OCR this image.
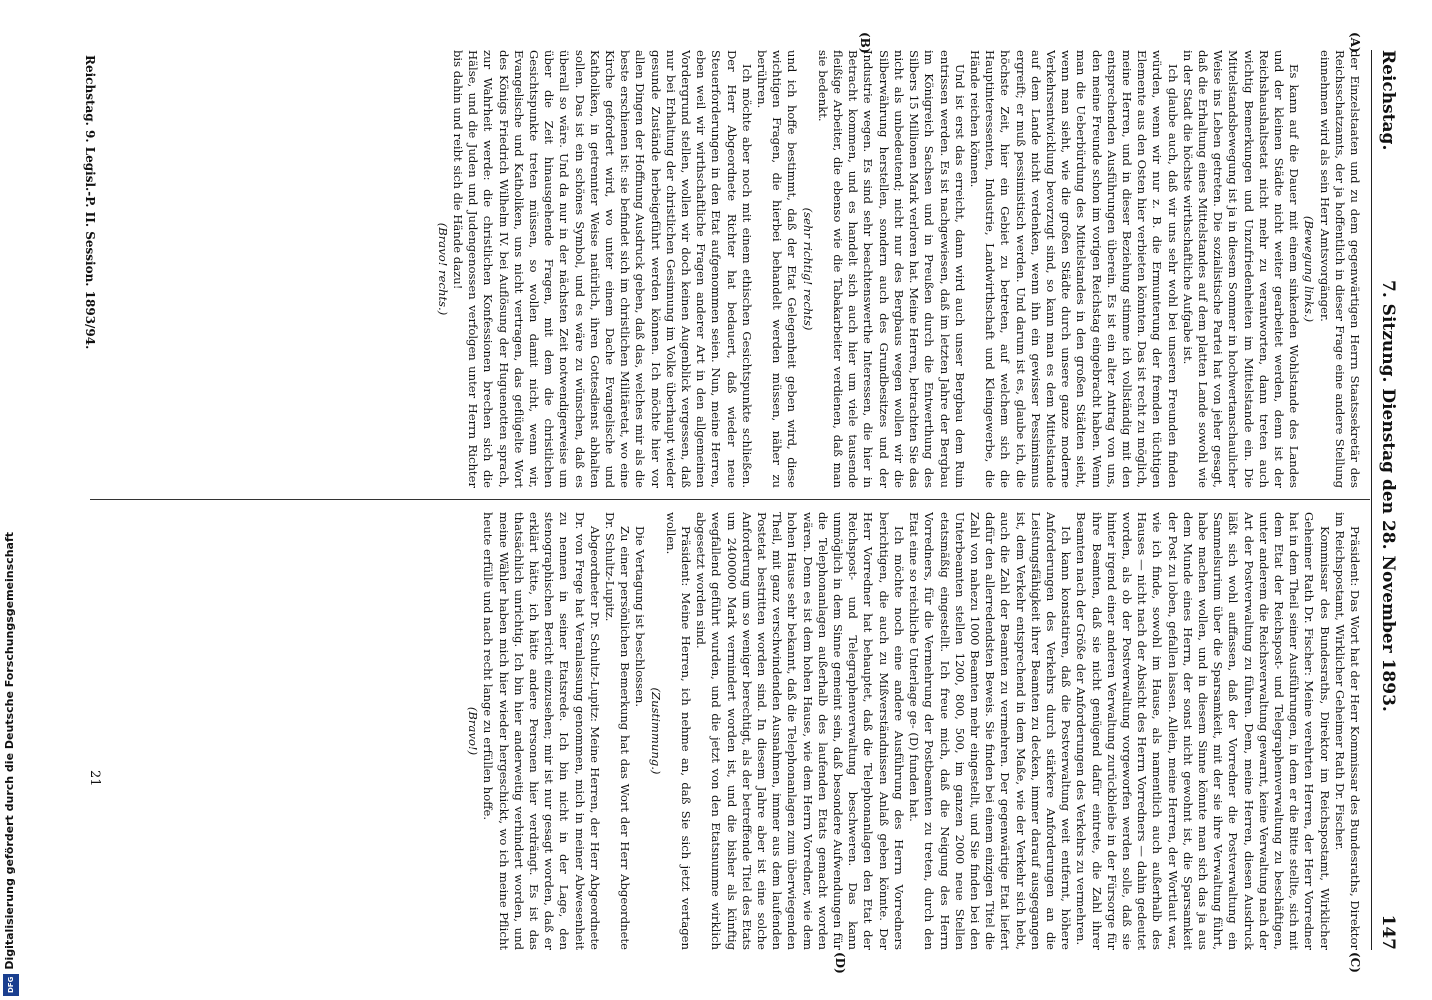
Reichstag.
7. Sitzung. Dienstag den 28. November 1893.
147
(A)
(B)
(C)
(D)

der Einzelstaaten und zu dem gegenwärtigen Herrn Staatssekretär des Reichsschatzamts, der ja hoffentlich in dieser Frage eine andere Stellung einnehmen wird als sein Herr Amtsvorgänger.

(Bewegung links.)

Es kann auf die Dauer mit einem sinkenden Wohlstande des Landes und der kleinen Städte nicht weiter gearbeitet werden, denn ist der Reichshaushaltsetat nicht mehr zu verantworten, dann treten auch wichtig Bemerkungen und Unzufriedenheiten im Mittelstande ein. Die Mittelstandsbewegung ist ja in diesem Sommer in hochwertanschaulicher Weise ins Leben getreten. Die sozialistische Partei hat von jeher gesagt, daß die Erhaltung eines Mittelstandes auf dem platten Lande sowohl wie in der Stadt die höchste wirthschaftliche Aufgabe ist.

Ich glaube auch, daß wir uns sehr wohl bei unseren Freunden finden würden, wenn wir nur z. B. die Ermunterung der fremden tüchtigen Elemente aus den Osten hier verbieten könnten. Das ist recht zu möglich, meine Herren, und in dieser Beziehung stimme ich vollständig mit den entsprechenden Ausführungen überein. Es ist ein alter Antrag von uns, den meine Freunde schon im vorigen Reichstag eingebracht haben. Wenn man die Ueberbürdung des Mittelstandes in den großen Städten sieht, wenn man sieht, wie die großen Städte durch unsere ganze moderne Verkehrsentwicklung bevorzugt sind, so kann man es dem Mittelstande auf dem Lande nicht verdenken, wenn ihn ein gewisser Pessimismus ergreift; er muß pessimistisch werden. Und darum ist es, glaube ich, die höchste Zeit, hier ein Gebiet zu betreten, auf welchem sich die Hauptinteressenten, Industrie, Landwirthschaft und Kleingewerbe, die Hände reichen können.

Und ist erst das erreicht, dann wird auch unser Bergbau dem Ruin entrissen werden. Es ist nachgewiesen, daß im letzten Jahre der Bergbau im Königreich Sachsen und in Preußen durch die Entwerthung des Silbers 15 Millionen Mark verloren hat. Meine Herren, betrachten Sie das nicht als unbedeutend; nicht nur des Bergbaus wegen wollen wir die Silberwährung herstellen, sondern auch des Grundbesitzes und der Industrie wegen. Es sind sehr beachtenswerthe Interessen, die hier in Betracht kommen, und es handelt sich auch hier um viele tausende fleißige Arbeiter, die ebenso wie die Tabakarbeiter verdienen, daß man sie bedenkt.

(sehr richtig! rechts)

und ich hoffe bestimmt, daß der Etat Gelegenheit geben wird, diese wichtigen Fragen, die hierbei behandelt werden müssen, näher zu berühren.

Ich möchte aber noch mit einem ethischen Gesichtspunkte schließen. Der Herr Abgeordnete Richter hat bedauert, daß wieder neue Steuerforderungen in den Etat aufgenommen seien. Nun, meine Herren, eben weil wir wirthschaftliche Fragen anderer Art in den allgemeinen Vordergrund stellen, wollen wir doch keinen Augenblick vergessen, daß nur bei Erhaltung der christlichen Gesinnung im Volke überhaupt wieder gesunde Zustände herbeigeführt werden können. Ich möchte hier vor allen Dingen der Hoffnung Ausdruck geben, daß das, welches mir als die beste erschienen ist: sie befindet sich im christlichen Militäretat, wo eine Kirche gefordert wird, wo unter einem Dache Evangelische und Katholiken, in getrennter Weise natürlich, ihren Gottesdienst abhalten sollen. Das ist ein schönes Symbol, und es wäre zu wünschen, daß es überall so wäre. Und da nur in der nächsten Zeit notwendigerweise um über die Zeit hinausgehende Fragen, mit dem die christlichen Gesichtspunkte treten müssen, so wollen damit nicht, wenn wir, Evangelische und Katholiken, uns nicht vertragen, das geflügelte Wort des Königs Friedrich Wilhelm IV. bei Auflösung der Huguenotten sprach, zur Wahrheit werde: die christlichen Konfessionen brechen sich die Hälse, und die Juden und Judengenossen verfolgen unter Herrn Richter bis dahin und reibt sich die Hände dazu!

(Bravo! rechts.)

Präsident: Das Wort hat der Herr Kommissar des Bundesraths, Direktor im Reichspostamt, Wirklicher Geheimer Rath Dr. Fischer.

Kommissar des Bundesraths, Direktor im Reichspostamt, Wirklicher Geheimer Rath Dr. Fischer: Meine verehrten Herren, der Herr Vorredner hat in dem Theil seiner Ausführungen, in dem er die Bitte stellte, sich mit dem Etat der Reichspost- und Telegraphenverwaltung zu beschäftigen, unter anderem die Reichsverwaltung gewarnt, keine Verwaltung nach der Art der Postverwaltung zu führen. Dem, meine Herren, diesen Ausdruck läßt sich wohl auffassen, daß der Vorredner die Postverwaltung ein Sammelsurium über die Sparsamkeit, mit der sie ihre Verwaltung führt, habe machen wollen, und in diesem Sinne könnte man sich das ja aus dem Munde eines Herrn, der sonst nicht gewohnt ist, die Sparsamkeit der Post zu loben, gefallen lassen. Allein, meine Herren, der Wortlaut war, wie ich finde, sowohl im Hause, als namentlich auch außerhalb des Hauses — nicht nach der Absicht des Herrn Vorredners — dahin gedeutet worden, als ob der Postverwaltung vorgeworfen werden solle, daß sie hinter irgend einer anderen Verwaltung zurückbleibe in der Fürsorge für ihre Beamten, daß sie nicht genügend dafür eintrete, die Zahl ihrer Beamten nach der Größe der Anforderungen des Verkehrs zu vermehren.

Ich kann konstatiren, daß die Postverwaltung weit entfernt, höhere Anforderungen des Verkehrs durch stärkere Anforderungen an die Leistungsfähigkeit ihrer Beamten zu decken, immer darauf ausgegangen ist, dem Verkehr entsprechend in dem Maße, wie der Verkehr sich hebt, auch die Zahl der Beamten zu vermehren. Der gegenwärtige Etat liefert dafür den allerredendsten Beweis. Sie finden bei einem einzigen Titel die Zahl von nahezu 1000 Beamten mehr eingestellt, und Sie finden bei den Unterbeamten stellen 1200, 800, 500, im ganzen 2000 neue Stellen etatsmäßig eingestellt. Ich freue mich, daß die Neigung des Herrn Vorredners, für die Vermehrung der Postbeamten zu treten, durch den Etat eine so reichliche Unterlage ge- (D) funden hat.

Ich möchte noch eine andere Ausführung des Herrn Vorredners berichtigen, die auch zu Mißverständnissen Anlaß geben könnte. Der Herr Vorredner hat behauptet, daß die Telephonanlagen den Etat der Reichspost- und Telegraphenverwaltung beschweren. Das kann unmöglich in dem Sinne gemeint sein, daß besondere Aufwendungen für die Telephonanlagen außerhalb des laufenden Etats gemacht worden wären. Denn es ist dem hohen Hause, wie dem Herrn Vorredner, wie dem hohen Hause sehr bekannt, daß die Telephonanlagen zum überwiegenden Theil, mit ganz verschwindenden Ausnahmen, immer aus dem laufenden Postetat bestritten worden sind. In diesem Jahre aber ist eine solche Anforderung um so weniger berechtigt, als der betreffende Titel des Etats um 2400000 Mark vermindert worden ist, und die bisher als künftig wegfallend geführt wurden, und die jetzt von den Etatsnumme wirklich abgesetzt worden sind.

Präsident: Meine Herren, ich nehme an, daß Sie sich jetzt vertagen wollen.

(Zustimmung.)

Die Vertagung ist beschlossen.

Zu einer persönlichen Bemerkung hat das Wort der Herr Abgeordnete Dr. Schultz-Lupitz.

Abgeordneter Dr. Schultz-Lupitz: Meine Herren, der Herr Abgeordnete Dr. von Frege hat Veranlassung genommen, mich in meiner Abwesenheit zu nennen in seiner Etatsrede. Ich bin nicht in der Lage, den stenographischen Bericht einzusehen; mir ist nur gesagt worden, daß er erklärt hätte, ich hätte andere Personen hier verdrängt. Es ist das thatsächlich unrichtig. Ich bin hier anderweitig verhindert worden, und meine Wähler haben mich hier wieder hergeschickt, wo ich meine Pflicht heute erfülle und nach recht lange zu erfüllen hoffe.

(Bravo!)

Reichstag. 9. Legisl.-P. II. Session. 1893/94.
21
Digitalisierung gefördert durch die Deutsche Forschungsgemeinschaft
DFG
